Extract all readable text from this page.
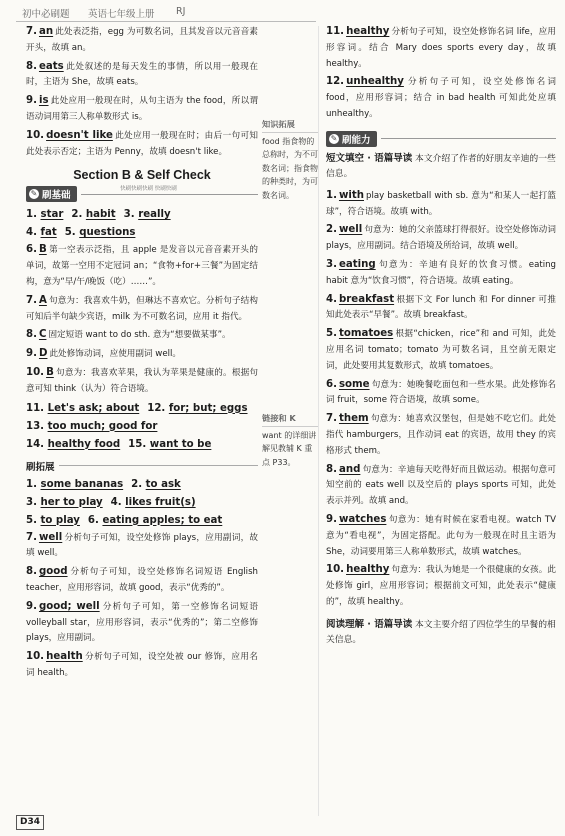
初中必刷题 英语七年级上册 RJ
7. an 此处表泛指，egg 为可数名词，且其发音以元音音素开头，故填 an。
8. eats 此处叙述的是每天发生的事情，所以用一般现在时，主语为 She，故填 eats。
9. is 此处应用一般现在时，从句主语为 the food，所以谓语动词用第三人称单数形式 is。
10. doesn't like 此处应用一般现在时；由后一句可知此处表示否定；主语为 Penny，故填 doesn't like。
Section B & Self Check
✎ 刷基础
1. star 2. habit 3. really
4. fat 5. questions
6. B 第一空表示泛指，且 apple 是发音以元音音素开头的单词，故第一空用不定冠词 an；“食物+for+三餐”为固定结构，意为“早/午/晚饭（吃）……”。
7. A 句意为：我喜欢牛奶，但琳达不喜欢它。分析句子结构可知后半句缺少宾语，milk 为不可数名词，应用 it 指代。
8. C 固定短语 want to do sth. 意为“想要做某事”。
9. D 此处修饰动词，应使用副词 well。
10. B 句意为：我喜欢苹果，我认为苹果是健康的。根据句意可知 think（认为）符合语境。
11. Let's ask; about 12. for; but; eggs
13. too much; good for
14. healthy food 15. want to be
刷拓展
1. some bananas 2. to ask
3. her to play 4. likes fruit(s)
5. to play 6. eating apples; to eat
7. well 分析句子可知，设空处修饰 plays，应用副词，故填 well。
8. good 分析句子可知，设空处修饰名词短语 English teacher，应用形容词，故填 good，表示“优秀的”。
9. good; well 分析句子可知，第一空修饰名词短语 volleyball star，应用形容词，表示“优秀的”；第二空修饰 plays，应用副词。
10. health 分析句子可知，设空处被 our 修饰，应用名词 health。
快刷快刷快刷 快刷快刷
知识拓展
food 指食物的总称时，为不可数名词；指食物的种类时，为可数名词。
链接和 K
want 的详细讲解见教辅 K 重点 P33。
11. healthy 分析句子可知，设空处修饰名词 life，应用形容词。结合 Mary does sports every day，故填 healthy。
12. unhealthy 分析句子可知，设空处修饰名词 food，应用形容词；结合 in bad health 可知此处应填 unhealthy。
✎ 刷能力
短文填空 · 语篇导读 本文介绍了作者的好朋友辛迪的一些信息。
1. with play basketball with sb. 意为“和某人一起打篮球”，符合语境。故填 with。
2. well 句意为：她的父亲篮球打得很好。设空处修饰动词 plays，应用副词。结合语境及所给词，故填 well。
3. eating 句意为：辛迪有良好的饮食习惯。eating habit 意为“饮食习惯”，符合语境。故填 eating。
4. breakfast 根据下文 For lunch 和 For dinner 可推知此处表示“早餐”。故填 breakfast。
5. tomatoes 根据“chicken，rice”和 and 可知，此处应用名词 tomato；tomato 为可数名词，且空前无限定词，此处要用其复数形式，故填 tomatoes。
6. some 句意为：她晚餐吃面包和一些水果。此处修饰名词 fruit，some 符合语境，故填 some。
7. them 句意为：她喜欢汉堡包，但是她不吃它们。此处指代 hamburgers，且作动词 eat 的宾语，故用 they 的宾格形式 them。
8. and 句意为：辛迪每天吃得好而且做运动。根据句意可知空前的 eats well 以及空后的 plays sports 可知，此处表示并列。故填 and。
9. watches 句意为：她有时候在家看电视。watch TV 意为“看电视”，为固定搭配。此句为一般现在时且主语为 She，动词要用第三人称单数形式，故填 watches。
10. healthy 句意为：我认为她是一个很健康的女孩。此处修饰 girl，应用形容词；根据前文可知，此处表示“健康的”，故填 healthy。
阅读理解 · 语篇导读 本文主要介绍了四位学生的早餐的相关信息。
D34
